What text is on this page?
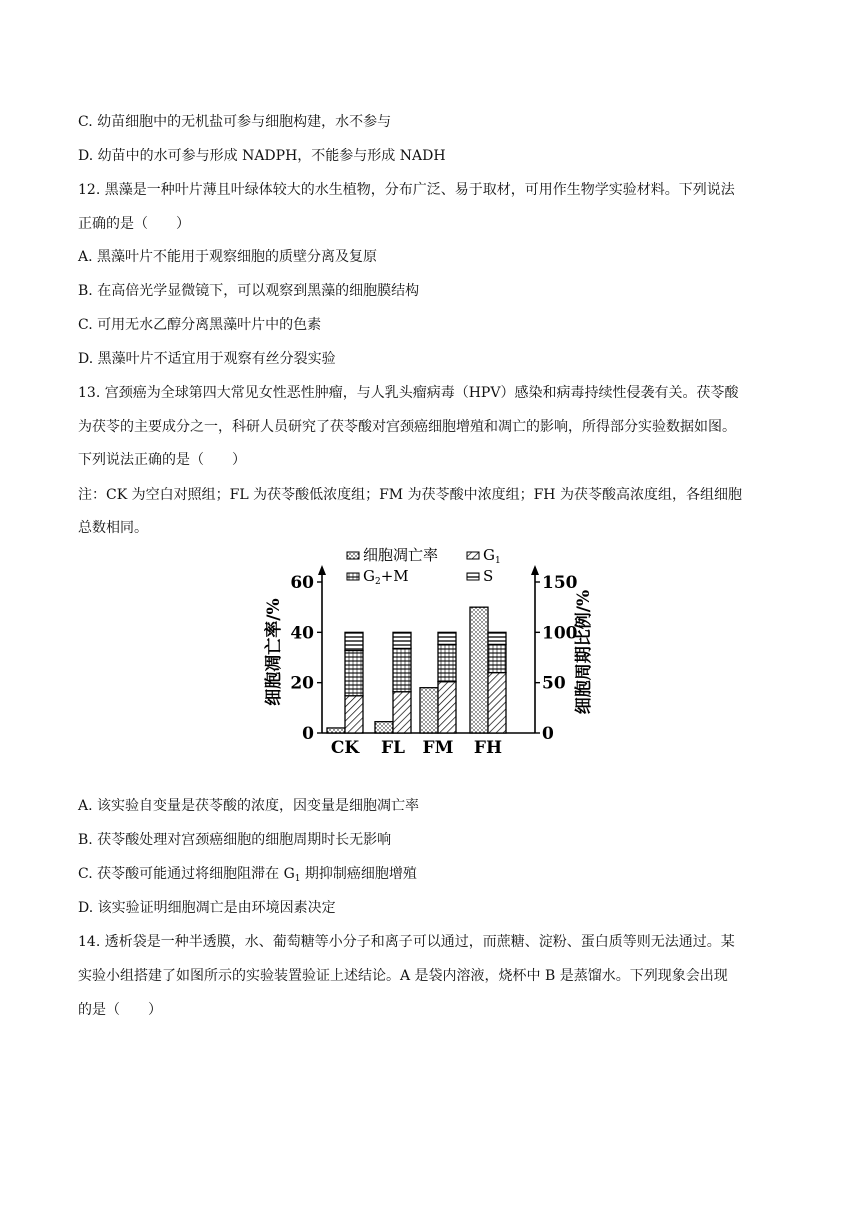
C. 幼苗细胞中的无机盐可参与细胞构建，水不参与
D. 幼苗中的水可参与形成 NADPH，不能参与形成 NADH
12. 黑藻是一种叶片薄且叶绿体较大的水生植物，分布广泛、易于取材，可用作生物学实验材料。下列说法
正确的是（　　）
A. 黑藻叶片不能用于观察细胞的质壁分离及复原
B. 在高倍光学显微镜下，可以观察到黑藻的细胞膜结构
C. 可用无水乙醇分离黑藻叶片中的色素
D. 黑藻叶片不适宜用于观察有丝分裂实验
13. 宫颈癌为全球第四大常见女性恶性肿瘤，与人乳头瘤病毒（HPV）感染和病毒持续性侵袭有关。茯苓酸
为茯苓的主要成分之一，科研人员研究了茯苓酸对宫颈癌细胞增殖和凋亡的影响，所得部分实验数据如图。
下列说法正确的是（　　）
注：CK 为空白对照组；FL 为茯苓酸低浓度组；FM 为茯苓酸中浓度组；FH 为茯苓酸高浓度组，各组细胞
总数相同。
细胞凋亡率	$G_1$
$G_2+M$	S
细胞凋亡率/%	细胞周期比例/%
0
20
40
60
0
50
100
150
CK FL FM FH
A. 该实验自变量是茯苓酸的浓度，因变量是细胞凋亡率
B. 茯苓酸处理对宫颈癌细胞的细胞周期时长无影响
C. 茯苓酸可能通过将细胞阻滞在 $G_1$ 期抑制癌细胞增殖
D. 该实验证明细胞凋亡是由环境因素决定
14. 透析袋是一种半透膜，水、葡萄糖等小分子和离子可以通过，而蔗糖、淀粉、蛋白质等则无法通过。某
实验小组搭建了如图所示的实验装置验证上述结论。A 是袋内溶液，烧杯中 B 是蒸馏水。下列现象会出现
的是（　　）
